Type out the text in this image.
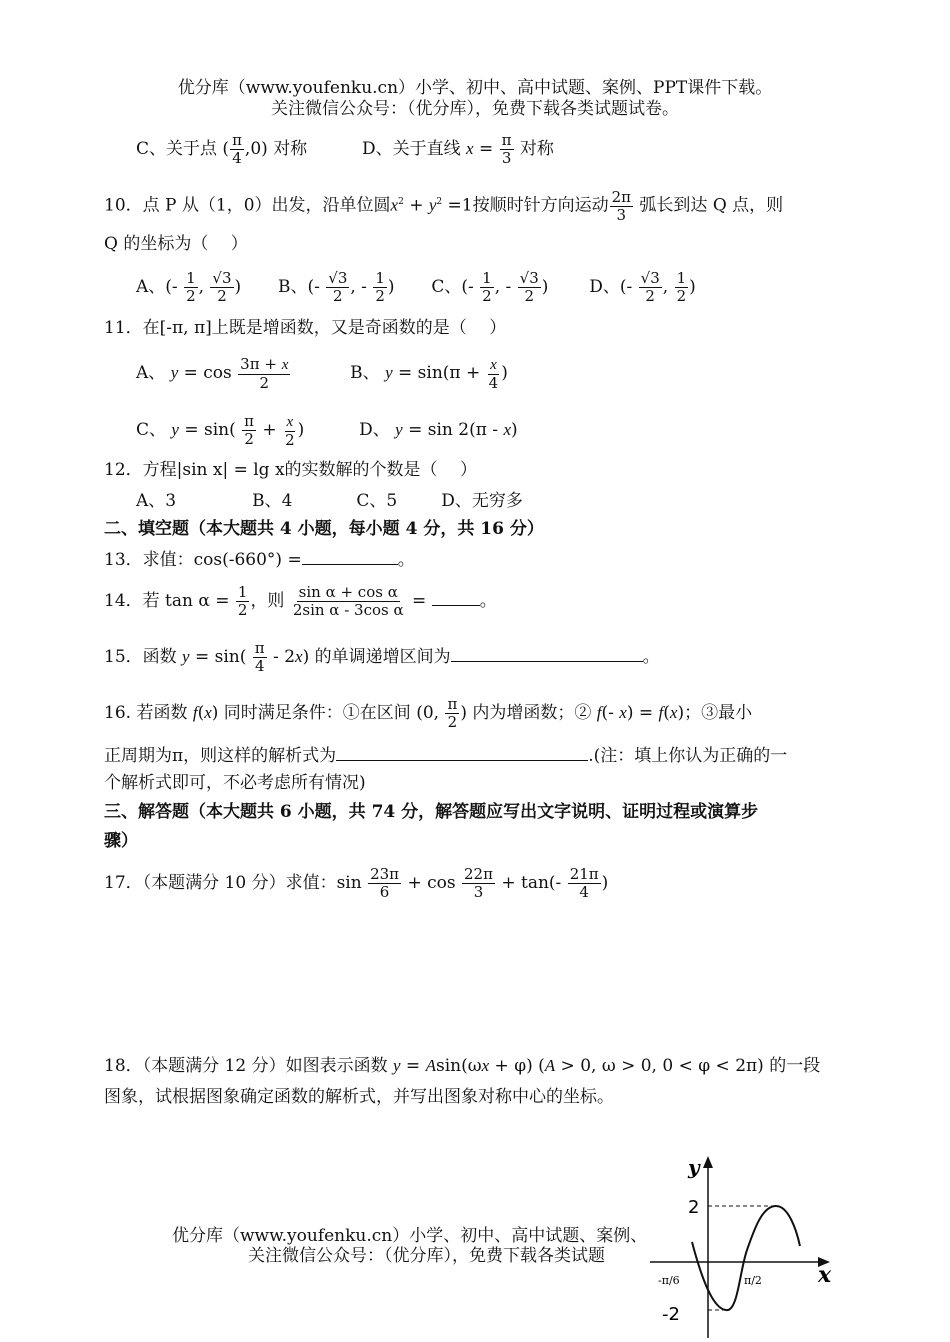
优分库（www.youfenku.cn）小学、初中、高中试题、案例、PPT课件下载。
关注微信公众号：（优分库），免费下载各类试题试卷。
C、关于点 ( $\frac{\pi}{4} ,0$) 对称	D、关于直线 $x = \frac{\pi}{3}$ 对称
10．点 P 从（1，0）出发，沿单位圆$x^2 + y^2 =1$按顺时针方向运动 $\frac{2\pi}{3}$ 弧长到达 Q 点，则
Q 的坐标为（　 ）
A、(- $\frac{1}{2}$ , $\frac{√3}{2}$ ) B、(- $\frac{√3}{2}$ , - $\frac{1}{2}$ ) C、(- $\frac{1}{2}$ , - $\frac{√3}{2}$ ) D、(- $\frac{√3}{2}$ , $\frac{1}{2}$ )
11．在[-π, π]上既是增函数，又是奇函数的是（　 ）
A、 $y = \cos \frac{3\pi + x}{2}$	B、 $y = \sin(\pi + \frac{x}{4}$ )
C、 $y = \sin( \frac{\pi}{2} + \frac{x}{2}$ )	D、 y = sin 2(π - x)
12．方程|sin x| = lg x的实数解的个数是（　 ）
A、3	B、4	C、5	D、无穷多
二、填空题（本大题共 4 小题，每小题 4 分，共 16 分）
13．求值：cos(-660°) =	。
14．若 $\tan \alpha = \frac{1}{2}$ ，则 $\frac{\text{sin α + cos α}}{\text{2sin α - 3cos α}}$ =	。
15．函数 $y = \sin( \frac{\pi}{4} - 2x)$ 的单调递增区间为	。
16. 若函数 f(x) 同时满足条件：①在区间 (0, $\frac{\pi}{2}$ ) 内为增函数；② f(- x) = f(x)；③最小
正周期为π，则这样的解析式为	.(注：填上你认为正确的一
个解析式即可，不必考虑所有情况)
三、解答题（本大题共 6 小题，共 74 分，解答题应写出文字说明、证明过程或演算步
骤）
17．（本题满分 10 分）求值：$\sin \frac{23\pi}{6} + \cos \frac{22\pi}{3} + \tan(- \frac{21\pi}{4}$ )
18．（本题满分 12 分）如图表示函数 y = Asin(ωx + φ) (A > 0, ω > 0, 0 < φ < 2π) 的一段
图象，试根据图象确定函数的解析式，并写出图象对称中心的坐标。
优分库（www.youfenku.cn）小学、初中、高中试题、案例、
关注微信公众号：（优分库），免费下载各类试题
y
x
2
-2
-π/6	π/2
